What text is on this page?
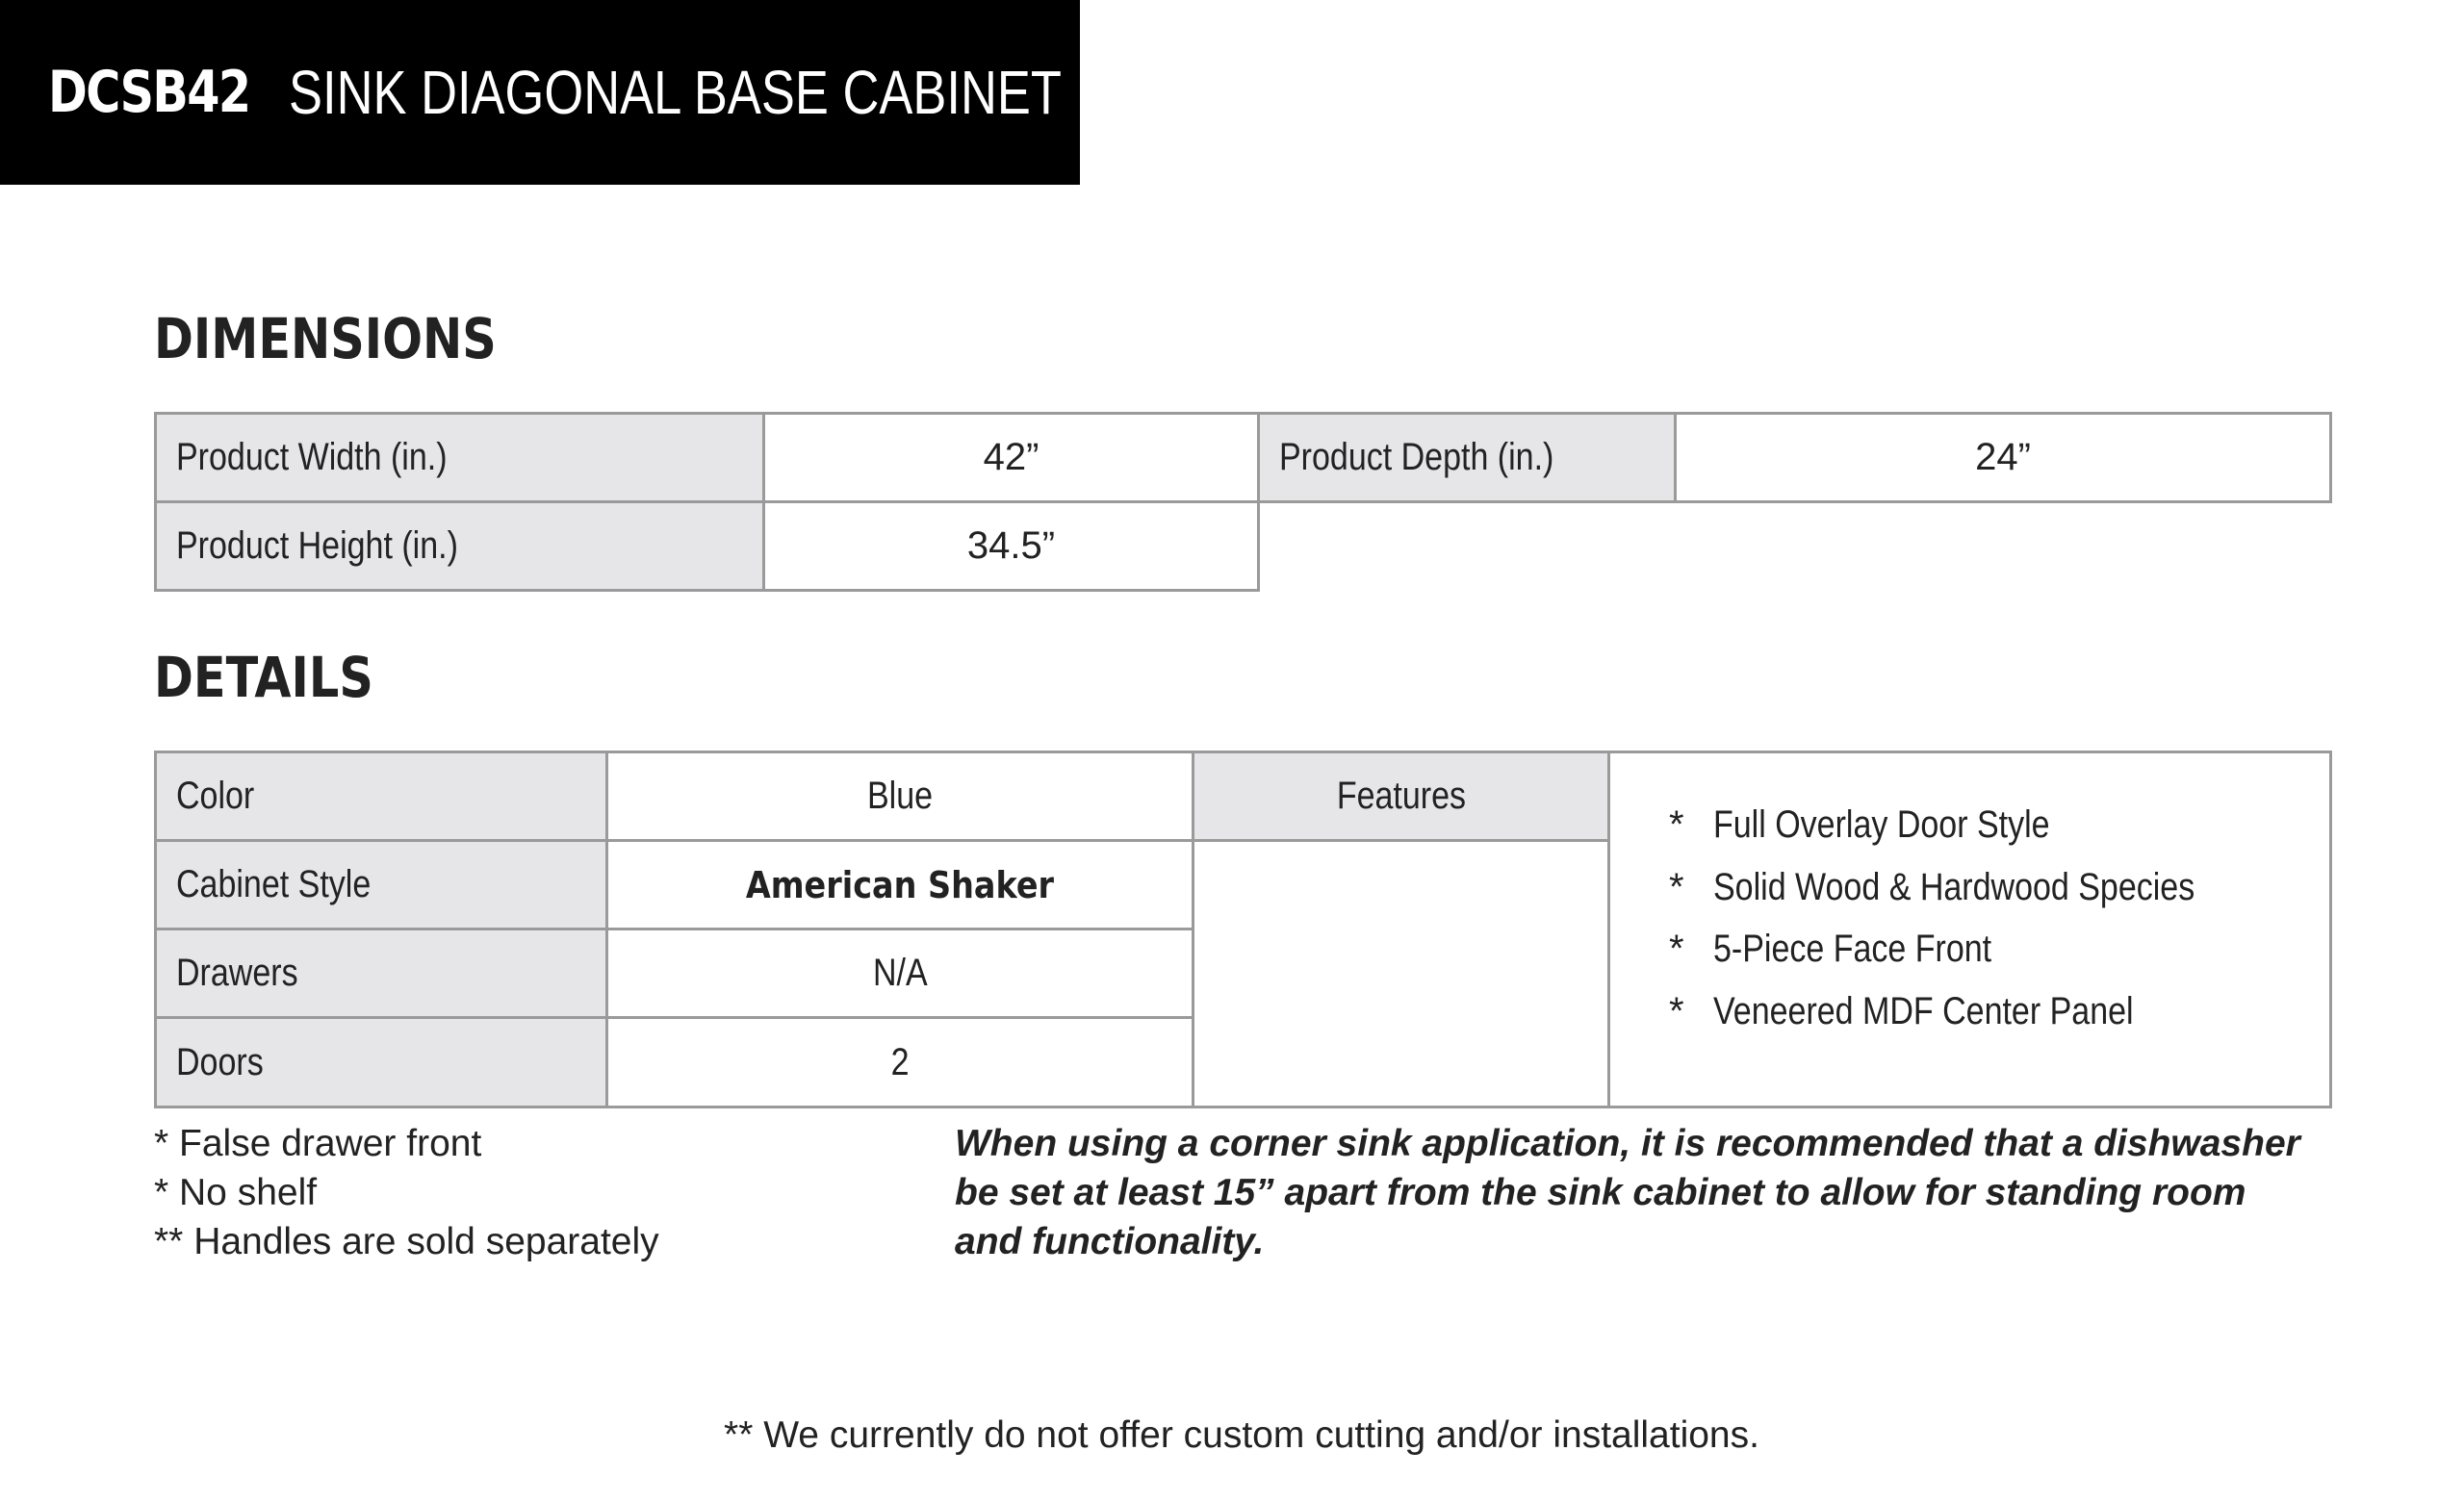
DCSB42 SINK DIAGONAL BASE CABINET
DIMENSIONS
Product Width (in.)	42”	Product Depth (in.)	24”
Product Height (in.)	34.5”
DETAILS
Color	Blue
Cabinet Style	American Shaker
Drawers	N/A
Doors	2
Features
* Full Overlay Door Style
* Solid Wood & Hardwood Species
* 5-Piece Face Front
* Veneered MDF Center Panel
* False drawer front
* No shelf
** Handles are sold separately
When using a corner sink application, it is recommended that a dishwasher
be set at least 15” apart from the sink cabinet to allow for standing room
and functionality.
** We currently do not offer custom cutting and/or installations.
